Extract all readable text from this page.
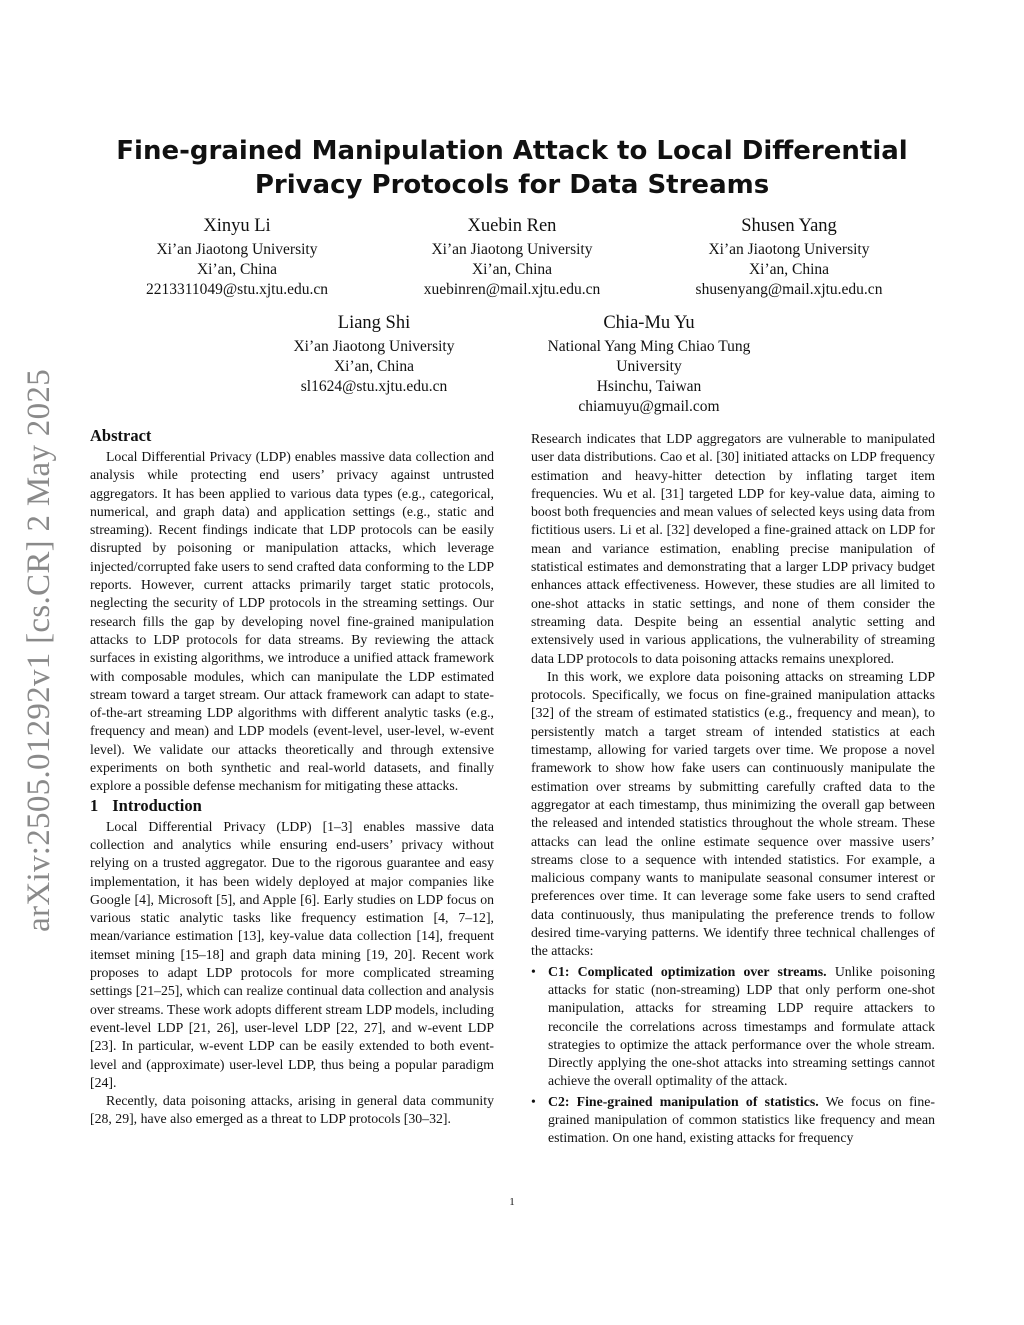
arXiv:2505.01292v1 [cs.CR] 2 May 2025
Fine-grained Manipulation Attack to Local Differential Privacy Protocols for Data Streams
Xinyu Li
Xi’an Jiaotong University
Xi’an, China
2213311049@stu.xjtu.edu.cn
Xuebin Ren
Xi’an Jiaotong University
Xi’an, China
xuebinren@mail.xjtu.edu.cn
Shusen Yang
Xi’an Jiaotong University
Xi’an, China
shusenyang@mail.xjtu.edu.cn
Liang Shi
Xi’an Jiaotong University
Xi’an, China
sl1624@stu.xjtu.edu.cn
Chia-Mu Yu
National Yang Ming Chiao Tung
University
Hsinchu, Taiwan
chiamuyu@gmail.com
Abstract

Local Differential Privacy (LDP) enables massive data collection and analysis while protecting end users’ privacy against untrusted aggregators. It has been applied to various data types (e.g., categorical, numerical, and graph data) and application settings (e.g., static and streaming). Recent findings indicate that LDP protocols can be easily disrupted by poisoning or manipulation attacks, which leverage injected/corrupted fake users to send crafted data conforming to the LDP reports. However, current attacks primarily target static protocols, neglecting the security of LDP protocols in the streaming settings. Our research fills the gap by developing novel fine-grained manipulation attacks to LDP protocols for data streams. By reviewing the attack surfaces in existing algorithms, we introduce a unified attack framework with composable modules, which can manipulate the LDP estimated stream toward a target stream. Our attack framework can adapt to state-of-the-art streaming LDP algorithms with different analytic tasks (e.g., frequency and mean) and LDP models (event-level, user-level, w-event level). We validate our attacks theoretically and through extensive experiments on both synthetic and real-world datasets, and finally explore a possible defense mechanism for mitigating these attacks.

1 Introduction

Local Differential Privacy (LDP) [1–3] enables massive data collection and analytics while ensuring end-users’ privacy without relying on a trusted aggregator. Due to the rigorous guarantee and easy implementation, it has been widely deployed at major companies like Google [4], Microsoft [5], and Apple [6]. Early studies on LDP focus on various static analytic tasks like frequency estimation [4, 7–12], mean/variance estimation [13], key-value data collection [14], frequent itemset mining [15–18] and graph data mining [19, 20]. Recent work proposes to adapt LDP protocols for more complicated streaming settings [21–25], which can realize continual data collection and analysis over streams. These work adopts different stream LDP models, including event-level LDP [21, 26], user-level LDP [22, 27], and w-event LDP [23]. In particular, w-event LDP can be easily extended to both event-level and (approximate) user-level LDP, thus being a popular paradigm [24].

Recently, data poisoning attacks, arising in general data community [28, 29], have also emerged as a threat to LDP protocols [30–32].

Research indicates that LDP aggregators are vulnerable to manipulated user data distributions. Cao et al. [30] initiated attacks on LDP frequency estimation and heavy-hitter detection by inflating target item frequencies. Wu et al. [31] targeted LDP for key-value data, aiming to boost both frequencies and mean values of selected keys using data from fictitious users. Li et al. [32] developed a fine-grained attack on LDP for mean and variance estimation, enabling precise manipulation of statistical estimates and demonstrating that a larger LDP privacy budget enhances attack effectiveness. However, these studies are all limited to one-shot attacks in static settings, and none of them consider the streaming data. Despite being an essential analytic setting and extensively used in various applications, the vulnerability of streaming data LDP protocols to data poisoning attacks remains unexplored.

In this work, we explore data poisoning attacks on streaming LDP protocols. Specifically, we focus on fine-grained manipulation attacks [32] of the stream of estimated statistics (e.g., frequency and mean), to persistently match a target stream of intended statistics at each timestamp, allowing for varied targets over time. We propose a novel framework to show how fake users can continuously manipulate the estimation over streams by submitting carefully crafted data to the aggregator at each timestamp, thus minimizing the overall gap between the released and intended statistics throughout the whole stream. These attacks can lead the online estimate sequence over massive users’ streams close to a sequence with intended statistics. For example, a malicious company wants to manipulate seasonal consumer interest or preferences over time. It can leverage some fake users to send crafted data continuously, thus manipulating the preference trends to follow desired time-varying patterns. We identify three technical challenges of the attacks:

• C1: Complicated optimization over streams. Unlike poisoning attacks for static (non-streaming) LDP that only perform one-shot manipulation, attacks for streaming LDP require attackers to reconcile the correlations across timestamps and formulate attack strategies to optimize the attack performance over the whole stream. Directly applying the one-shot attacks into streaming settings cannot achieve the overall optimality of the attack.
• C2: Fine-grained manipulation of statistics. We focus on fine-grained manipulation of common statistics like frequency and mean estimation. On one hand, existing attacks for frequency
1
